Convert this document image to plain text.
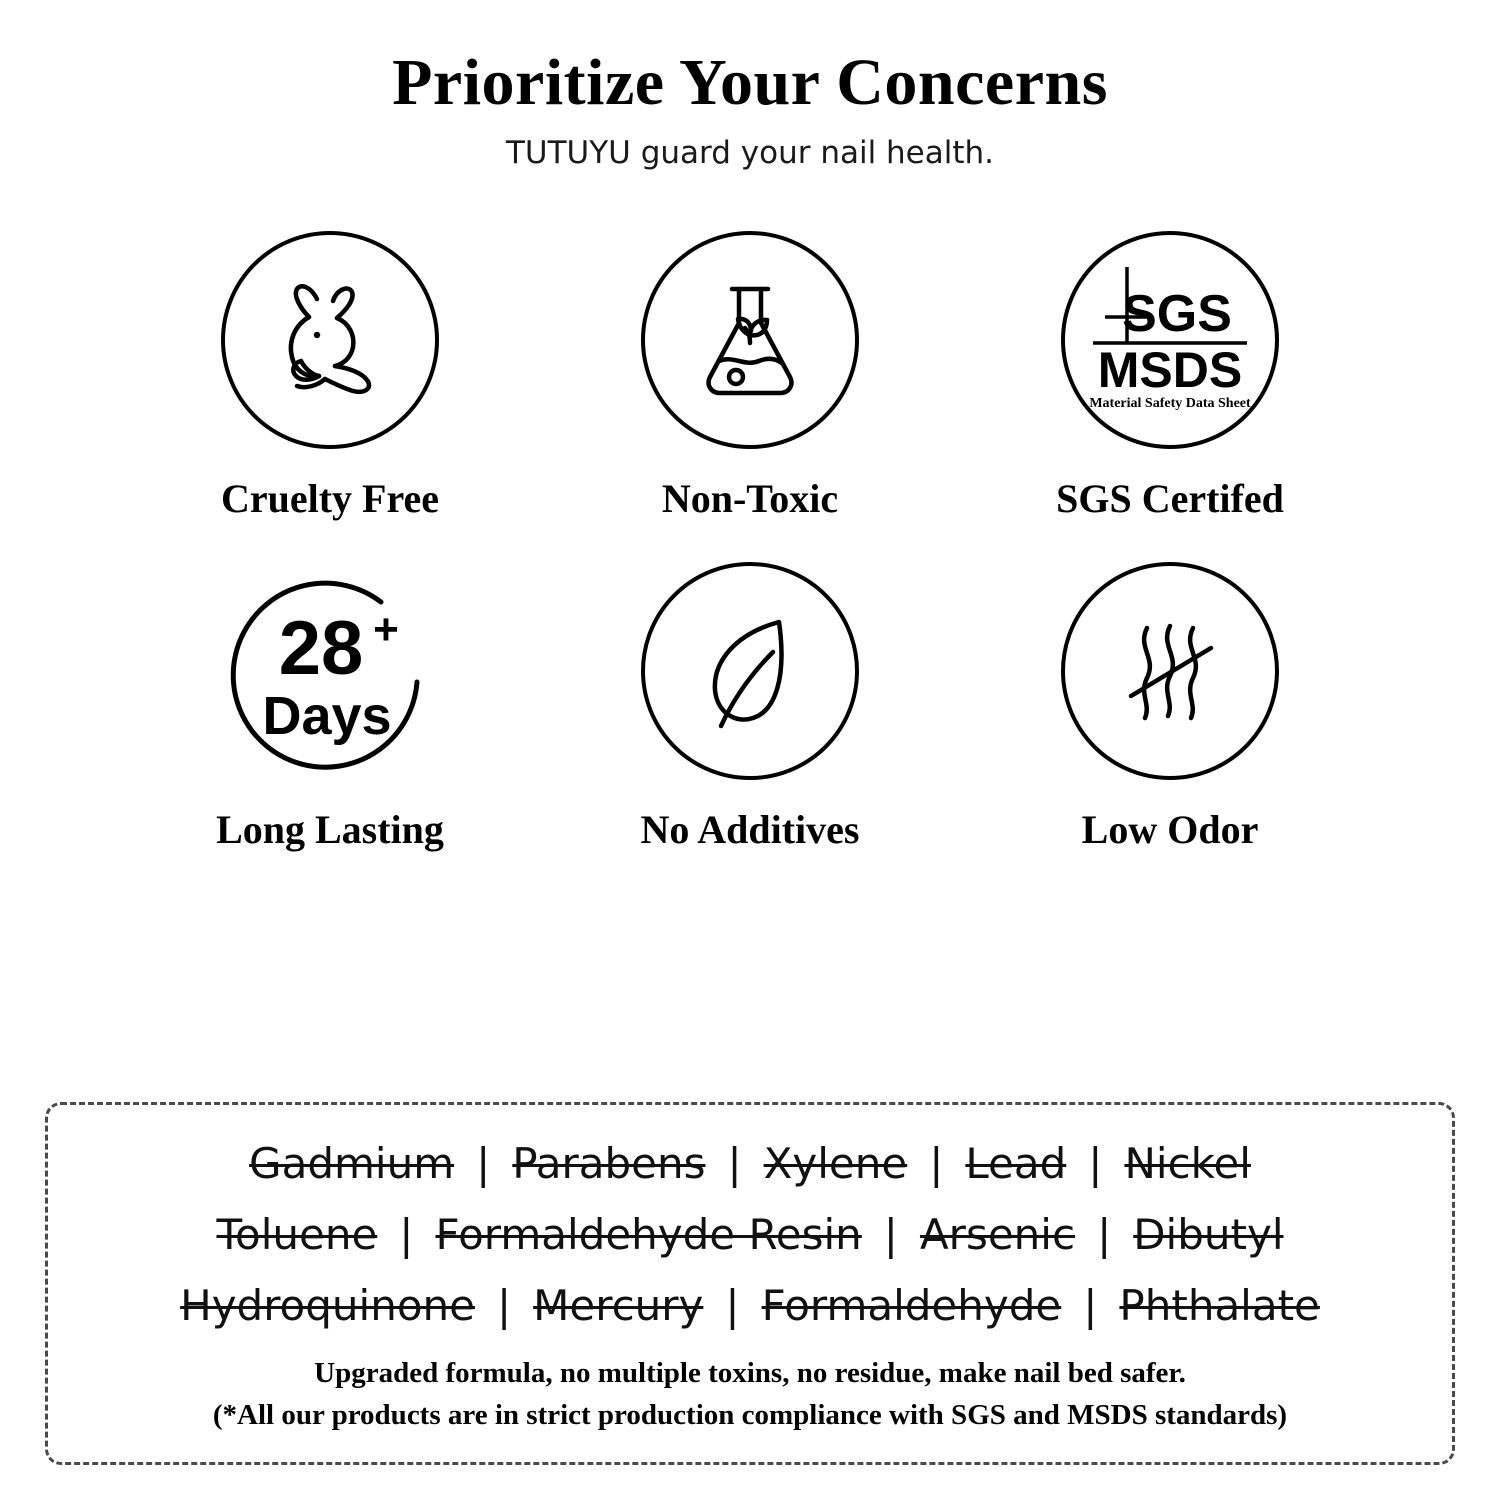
Prioritize Your Concerns

TUTUYU guard your nail health.

Cruelty Free	Non-Toxic
SGS
MSDS
Material Safety Data Sheet
SGS Certifed
28 +
Days
Long Lasting	No Additives	Low Odor
Gadmium | Parabens | Xylene | Lead | Nickel
Toluene | Formaldehyde Resin | Arsenic | Dibutyl
Hydroquinone | Mercury | Formaldehyde | Phthalate
Upgraded formula, no multiple toxins, no residue, make nail bed safer.
(*All our products are in strict production compliance with SGS and MSDS standards)
